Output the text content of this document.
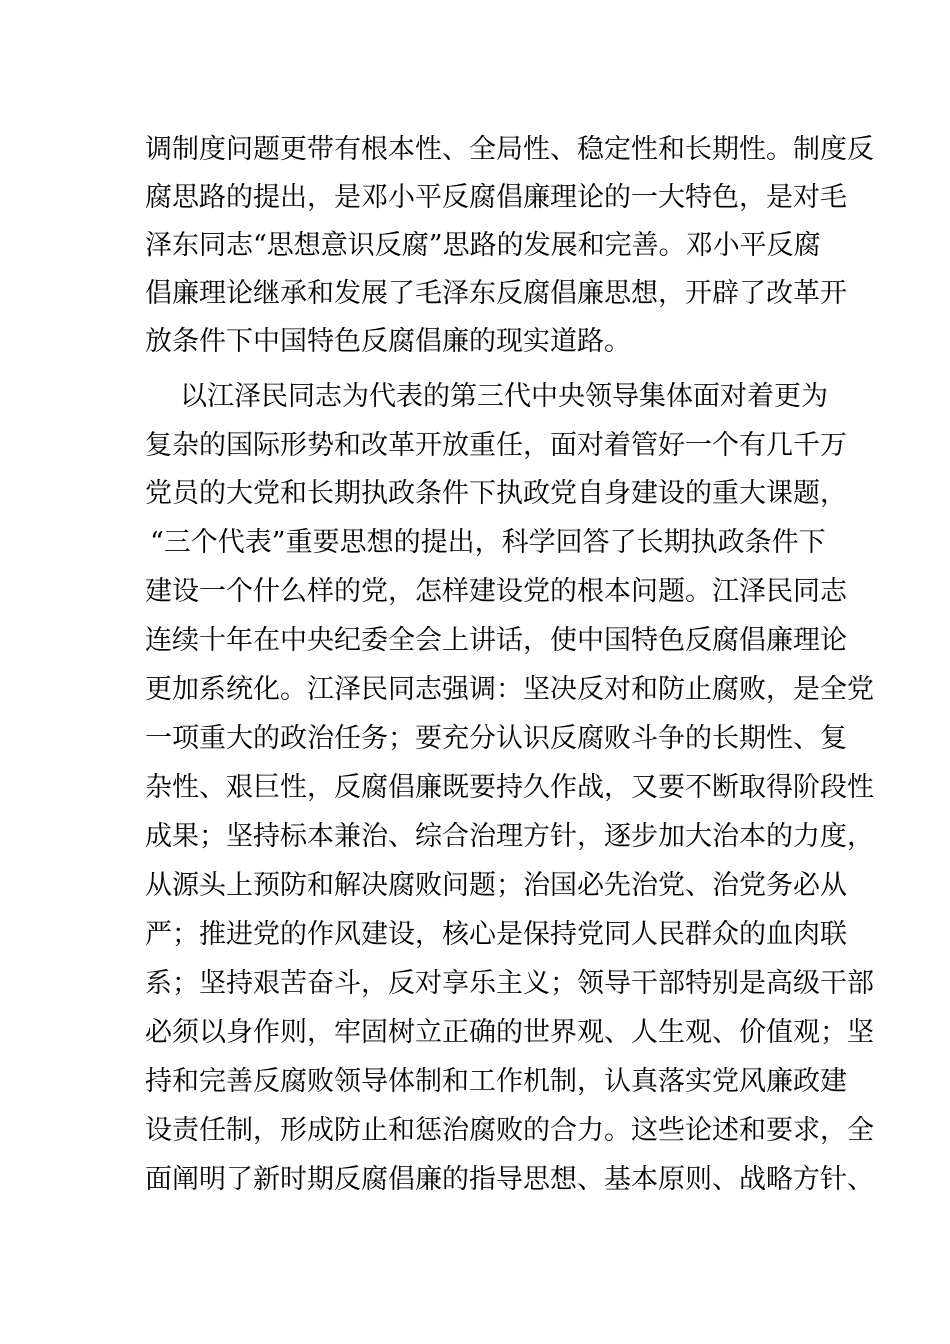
调制度问题更带有根本性、全局性、稳定性和长期性。制度反
腐思路的提出，是邓小平反腐倡廉理论的一大特色，是对毛
泽东同志“思想意识反腐”思路的发展和完善。邓小平反腐
倡廉理论继承和发展了毛泽东反腐倡廉思想，开辟了改革开
放条件下中国特色反腐倡廉的现实道路。
以江泽民同志为代表的第三代中央领导集体面对着更为
复杂的国际形势和改革开放重任，面对着管好一个有几千万
党员的大党和长期执政条件下执政党自身建设的重大课题，
“三个代表”重要思想的提出，科学回答了长期执政条件下
建设一个什么样的党，怎样建设党的根本问题。江泽民同志
连续十年在中央纪委全会上讲话，使中国特色反腐倡廉理论
更加系统化。江泽民同志强调：坚决反对和防止腐败，是全党
一项重大的政治任务；要充分认识反腐败斗争的长期性、复
杂性、艰巨性，反腐倡廉既要持久作战，又要不断取得阶段性
成果；坚持标本兼治、综合治理方针，逐步加大治本的力度，
从源头上预防和解决腐败问题；治国必先治党、治党务必从
严；推进党的作风建设，核心是保持党同人民群众的血肉联
系；坚持艰苦奋斗，反对享乐主义；领导干部特别是高级干部
必须以身作则，牢固树立正确的世界观、人生观、价值观；坚
持和完善反腐败领导体制和工作机制，认真落实党风廉政建
设责任制，形成防止和惩治腐败的合力。这些论述和要求，全
面阐明了新时期反腐倡廉的指导思想、基本原则、战略方针、
